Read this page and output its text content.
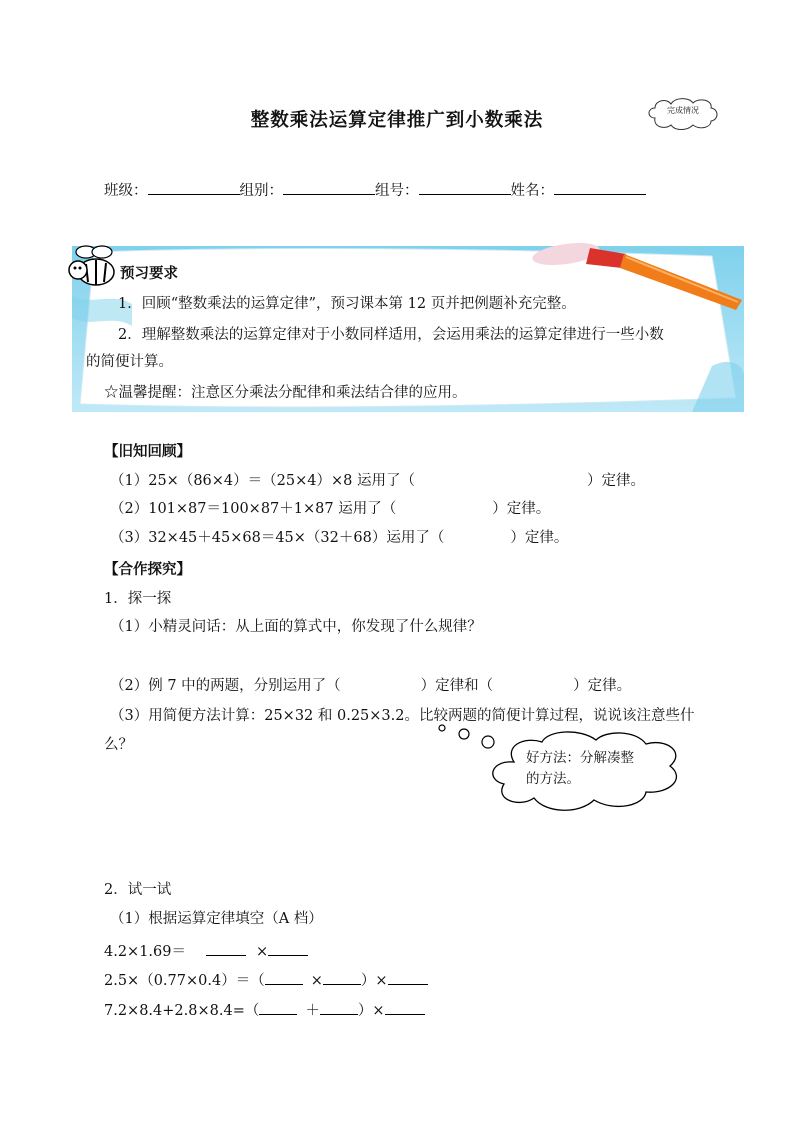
整数乘法运算定律推广到小数乘法	完成情况
班级：	组别：	组号：	姓名：
预习要求
1．回顾“整数乘法的运算定律”，预习课本第 12 页并把例题补充完整。
2．理解整数乘法的运算定律对于小数同样适用，会运用乘法的运算定律进行一些小数
的简便计算。
☆温馨提醒：注意区分乘法分配律和乘法结合律的应用。
【旧知回顾】
（1）25×（86×4）＝（25×4）×8 运用了（	）定律。
（2）101×87＝100×87＋1×87 运用了（	）定律。
（3）32×45＋45×68＝45×（32＋68）运用了（	）定律。
【合作探究】
1．探一探
（1）小精灵问话：从上面的算式中，你发现了什么规律？
（2）例 7 中的两题，分别运用了（	）定律和（	）定律。
（3）用简便方法计算：25×32 和 0.25×3.2。比较两题的简便计算过程，说说该注意些什
么？
好方法：分解凑整
的方法。
2．试一试
（1）根据运算定律填空（A 档）
4.2×1.69＝	×
2.5×（0.77×0.4）＝（	×	）×
7.2×8.4+2.8×8.4=（	＋	）×
